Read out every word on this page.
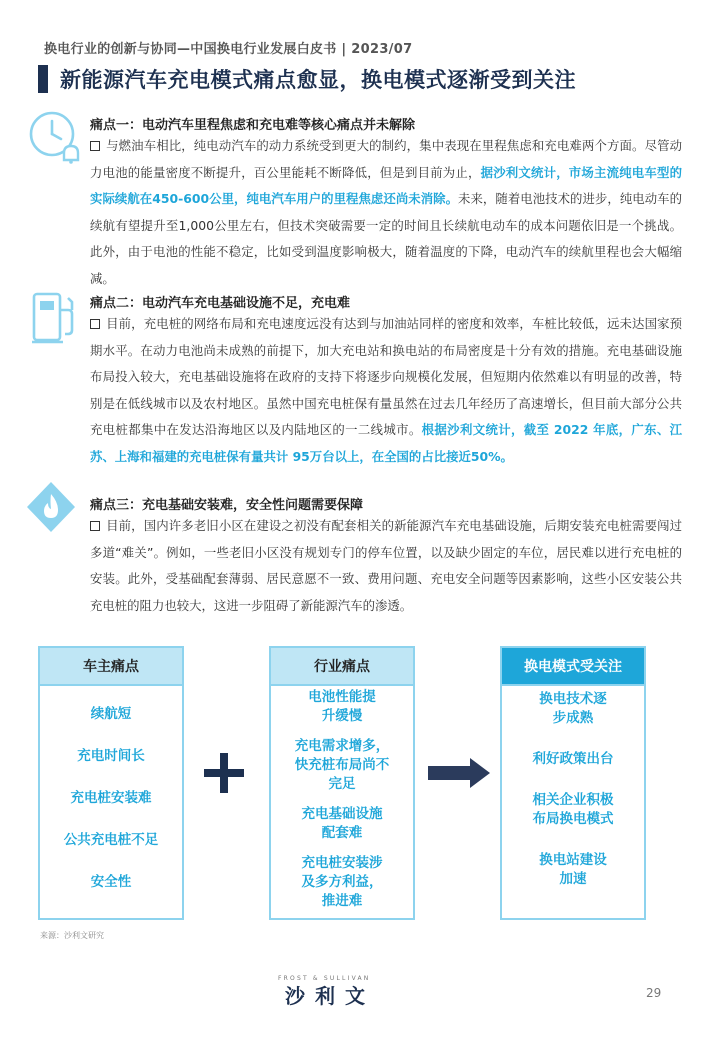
换电行业的创新与协同—中国换电行业发展白皮书 | 2023/07
新能源汽车充电模式痛点愈显，换电模式逐渐受到关注
痛点一：电动汽车里程焦虑和充电难等核心痛点并未解除
与燃油车相比，纯电动汽车的动力系统受到更大的制约，集中表现在里程焦虑和充电难两个方面。尽管动力电池的能量密度不断提升，百公里能耗不断降低，但是到目前为止，据沙利文统计，市场主流纯电车型的实际续航在450-600公里，纯电汽车用户的里程焦虑还尚未消除。未来，随着电池技术的进步，纯电动车的续航有望提升至1,000公里左右，但技术突破需要一定的时间且长续航电动车的成本问题依旧是一个挑战。此外，由于电池的性能不稳定，比如受到温度影响极大，随着温度的下降，电动汽车的续航里程也会大幅缩减。
痛点二：电动汽车充电基础设施不足，充电难
目前，充电桩的网络布局和充电速度远没有达到与加油站同样的密度和效率，车桩比较低，远未达国家预期水平。在动力电池尚未成熟的前提下，加大充电站和换电站的布局密度是十分有效的措施。充电基础设施布局投入较大，充电基础设施将在政府的支持下将逐步向规模化发展，但短期内依然难以有明显的改善，特别是在低线城市以及农村地区。虽然中国充电桩保有量虽然在过去几年经历了高速增长，但目前大部分公共充电桩都集中在发达沿海地区以及内陆地区的一二线城市。根据沙利文统计，截至 2022 年底，广东、江苏、上海和福建的充电桩保有量共计 95万台以上，在全国的占比接近50%。
痛点三：充电基础安装难，安全性问题需要保障
目前，国内许多老旧小区在建设之初没有配套相关的新能源汽车充电基础设施，后期安装充电桩需要闯过多道“难关”。例如，一些老旧小区没有规划专门的停车位置，以及缺少固定的车位，居民难以进行充电桩的安装。此外，受基础配套薄弱、居民意愿不一致、费用问题、充电安全问题等因素影响，这些小区安装公共充电桩的阻力也较大，这进一步阻碍了新能源汽车的渗透。
车主痛点
续航短
充电时间长
充电桩安装难
公共充电桩不足
安全性
行业痛点
电池性能提
升缓慢
充电需求增多，
快充桩布局尚不
完足
充电基础设施
配套难
充电桩安装涉
及多方利益，
推进难
换电模式受关注
换电技术逐
步成熟
利好政策出台
相关企业积极
布局换电模式
换电站建设
加速
来源：沙利文研究
FROST & SULLIVAN
沙利文	29
